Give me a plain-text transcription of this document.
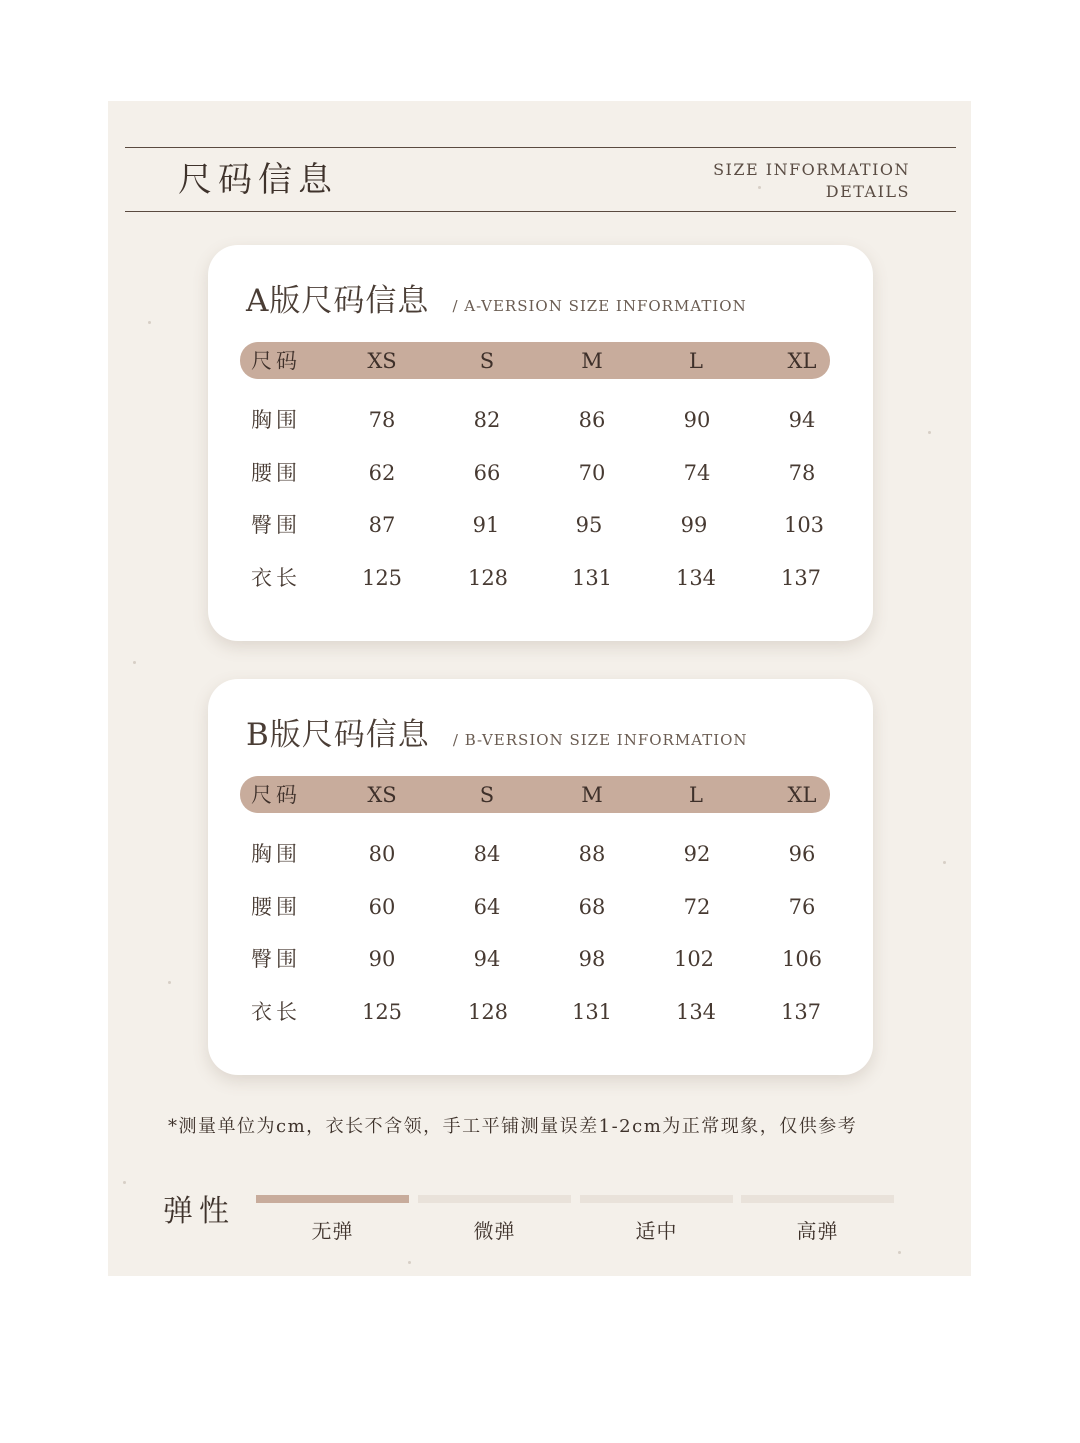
尺码信息	SIZE INFORMATION
DETAILS
A版尺码信息 / A-VERSION SIZE INFORMATION
尺码	XS	S	M	L	XL
胸围	78	82	86	90	94
腰围	62	66	70	74	78
臀围	87	91	95	99	103
衣长	125	128	131	134	137
B版尺码信息 / B-VERSION SIZE INFORMATION
尺码	XS	S	M	L	XL
胸围	80	84	88	92	96
腰围	60	64	68	72	76
臀围	90	94	98	102	106
衣长	125	128	131	134	137
*测量单位为cm，衣长不含领，手工平铺测量误差1-2cm为正常现象，仅供参考
弹性
无弹	微弹	适中	高弹
